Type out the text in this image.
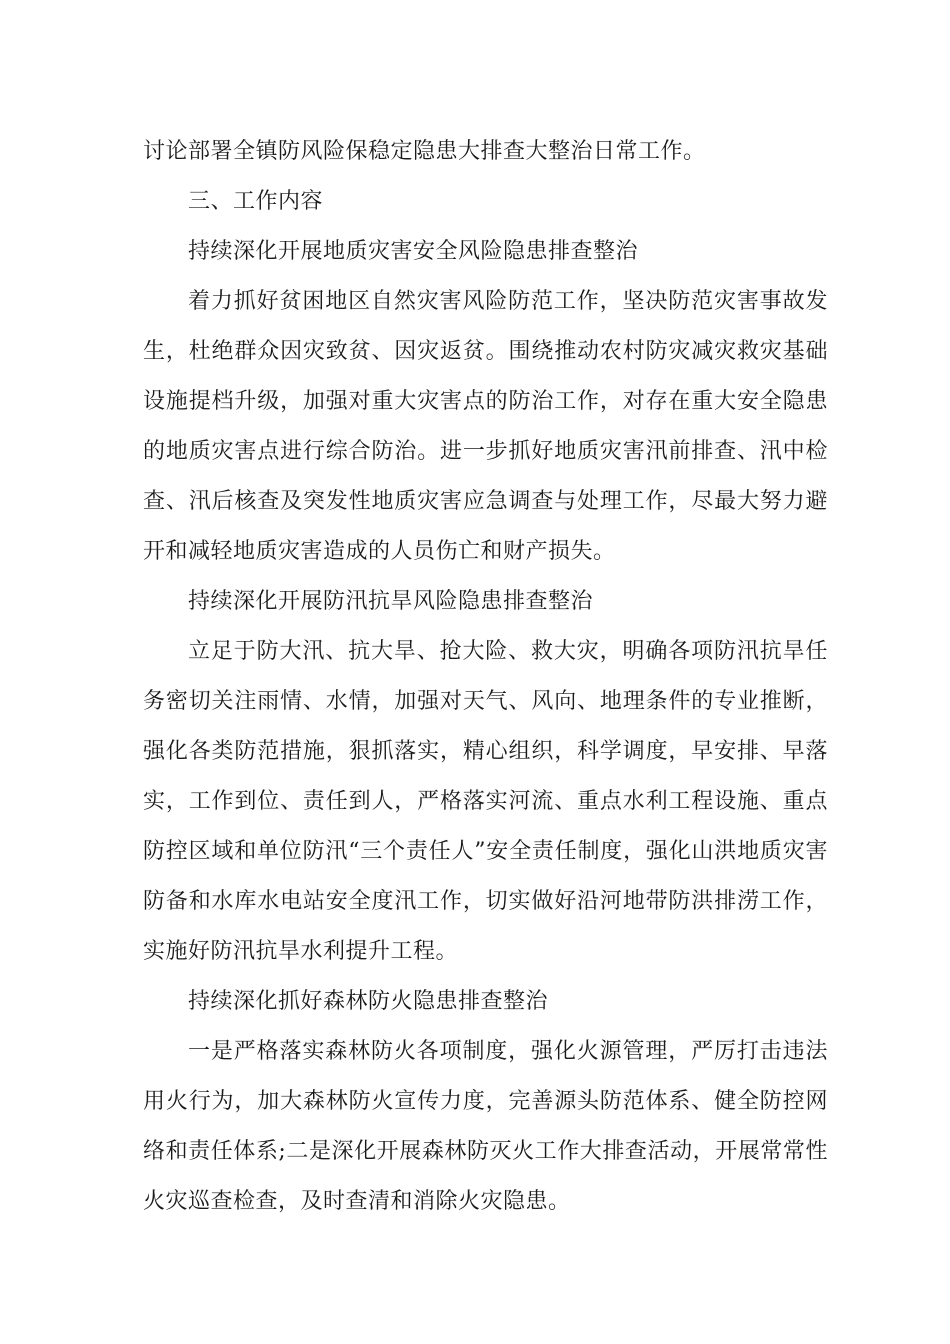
讨论部署全镇防风险保稳定隐患大排查大整治日常工作。

三、工作内容

持续深化开展地质灾害安全风险隐患排查整治

着力抓好贫困地区自然灾害风险防范工作，坚决防范灾害事故发生，杜绝群众因灾致贫、因灾返贫。围绕推动农村防灾减灾救灾基础设施提档升级，加强对重大灾害点的防治工作，对存在重大安全隐患的地质灾害点进行综合防治。进一步抓好地质灾害汛前排查、汛中检查、汛后核查及突发性地质灾害应急调查与处理工作，尽最大努力避开和减轻地质灾害造成的人员伤亡和财产损失。

持续深化开展防汛抗旱风险隐患排查整治

立足于防大汛、抗大旱、抢大险、救大灾，明确各项防汛抗旱任务密切关注雨情、水情，加强对天气、风向、地理条件的专业推断，强化各类防范措施，狠抓落实，精心组织，科学调度，早安排、早落实，工作到位、责任到人，严格落实河流、重点水利工程设施、重点防控区域和单位防汛“三个责任人”安全责任制度，强化山洪地质灾害防备和水库水电站安全度汛工作，切实做好沿河地带防洪排涝工作，实施好防汛抗旱水利提升工程。

持续深化抓好森林防火隐患排查整治

一是严格落实森林防火各项制度，强化火源管理，严厉打击违法用火行为，加大森林防火宣传力度，完善源头防范体系、健全防控网络和责任体系;二是深化开展森林防灭火工作大排查活动，开展常常性火灾巡查检查，及时查清和消除火灾隐患。
